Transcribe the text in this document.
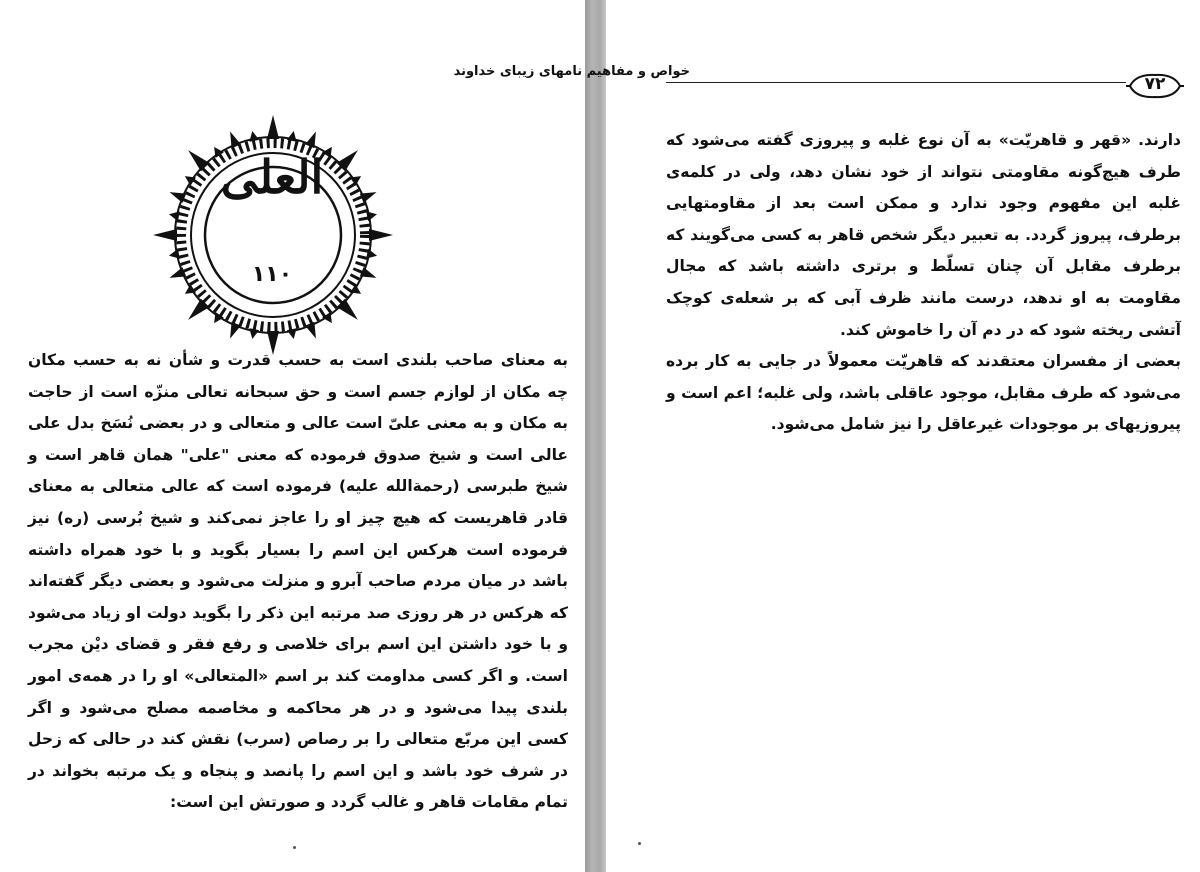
العلی
۱۱۰

به معنای صاحب بلندی است به حسب قدرت و شأن نه به حسب مکان چه مکان از لوازم جسم است و حق سبحانه تعالی منزّه است از حاجت به مکان و به معنی علیّ است عالی و متعالی و در بعضی نُسَخ بدل علی عالی است و شیخ صدوق فرموده که معنی "علی" همان قاهر است و شیخ طبرسی (رحمةالله علیه) فرموده است که عالی متعالی به معنای قادر قاهریست که هیچ چیز او را عاجز نمی‌کند و شیخ بُرسی (ره) نیز فرموده است هرکس این اسم را بسیار بگوید و با خود همراه داشته باشد در میان مردم صاحب آبرو و منزلت می‌شود و بعضی دیگر گفته‌اند که هرکس در هر روزی صد مرتبه این ذکر را بگوید دولت او زیاد می‌شود و با خود داشتن این اسم برای خلاصی و رفع فقر و قضای دیْن مجرب است. و اگر کسی مداومت کند بر اسم «المتعالی» او را در همه‌ی امور بلندی پیدا می‌شود و در هر محاکمه و مخاصمه مصلح می‌شود و اگر کسی این مربّع متعالی را بر رصاص (سرب) نقش کند در حالی که زحل در شرف خود باشد و این اسم را پانصد و پنجاه و یک مرتبه بخواند در تمام مقامات قاهر و غالب گردد و صورتش این است:

خواص و مفاهیم نامهای زیبای خداوند
۷۲

دارند. «قهر و قاهریّت» به آن نوع غلبه و پیروزی گفته می‌شود که طرف هیچ‌گونه مقاومتی نتواند از خود نشان دهد، ولی در کلمه‌ی غلبه این مفهوم وجود ندارد و ممکن است بعد از مقاومتهایی برطرف، پیروز گردد. به تعبیر دیگر شخص قاهر به کسی می‌گویند که برطرف مقابل آن چنان تسلّط و برتری داشته باشد که مجال مقاومت به او ندهد، درست مانند ظرف آبی که بر شعله‌ی کوچک آتشی ریخته شود که در دم آن را خاموش کند.

بعضی از مفسران معتقدند که قاهریّت معمولاً در جایی به کار برده می‌شود که طرف مقابل، موجود عاقلی باشد، ولی غلبه؛ اعم است و پیروزیهای بر موجودات غیرعاقل را نیز شامل می‌شود.
